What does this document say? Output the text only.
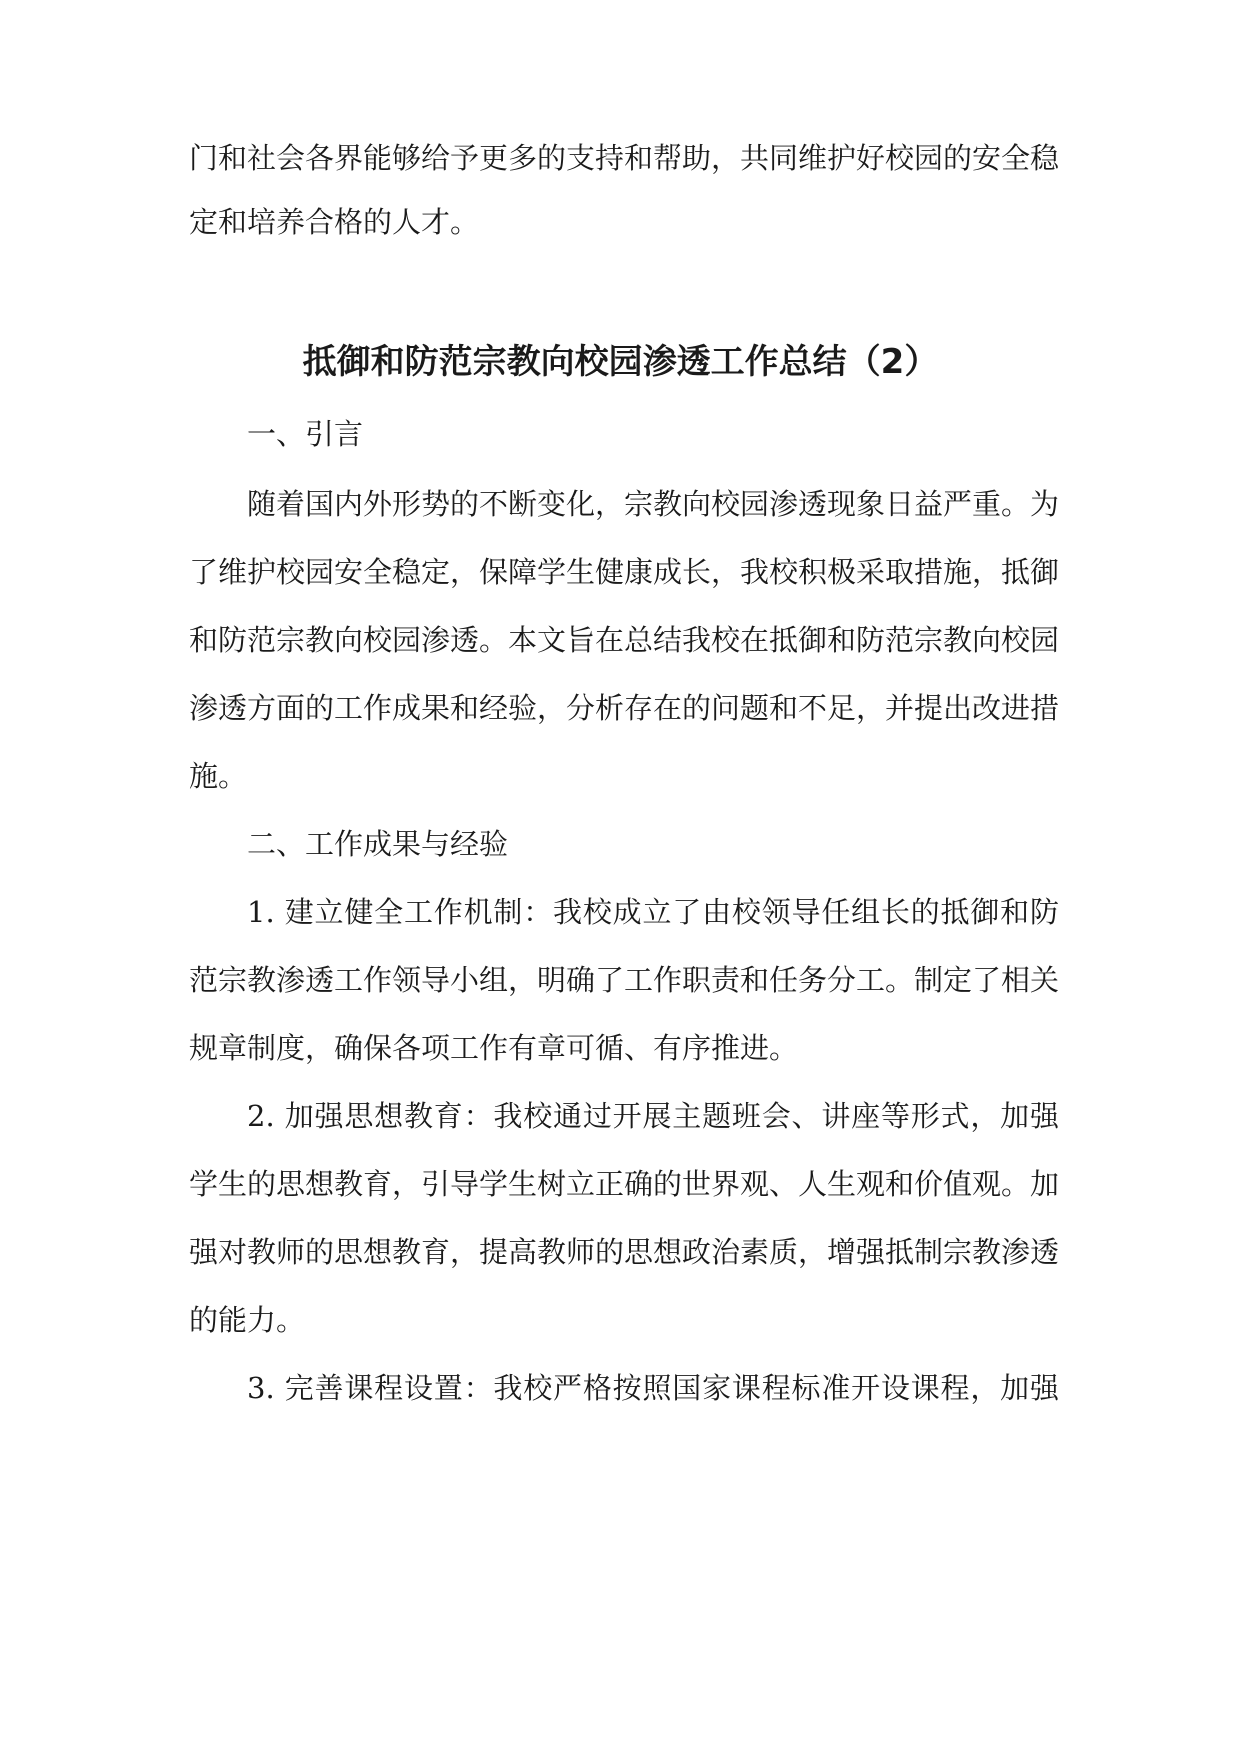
门和社会各界能够给予更多的支持和帮助，共同维护好校园的安全稳
定和培养合格的人才。
抵御和防范宗教向校园渗透工作总结（2）
一、引言
随着国内外形势的不断变化，宗教向校园渗透现象日益严重。为
了维护校园安全稳定，保障学生健康成长，我校积极采取措施，抵御
和防范宗教向校园渗透。本文旨在总结我校在抵御和防范宗教向校园
渗透方面的工作成果和经验，分析存在的问题和不足，并提出改进措
施。
二、工作成果与经验
1. 建立健全工作机制：我校成立了由校领导任组长的抵御和防
范宗教渗透工作领导小组，明确了工作职责和任务分工。制定了相关
规章制度，确保各项工作有章可循、有序推进。
2. 加强思想教育：我校通过开展主题班会、讲座等形式，加强
学生的思想教育，引导学生树立正确的世界观、人生观和价值观。加
强对教师的思想教育，提高教师的思想政治素质，增强抵制宗教渗透
的能力。
3. 完善课程设置：我校严格按照国家课程标准开设课程，加强
